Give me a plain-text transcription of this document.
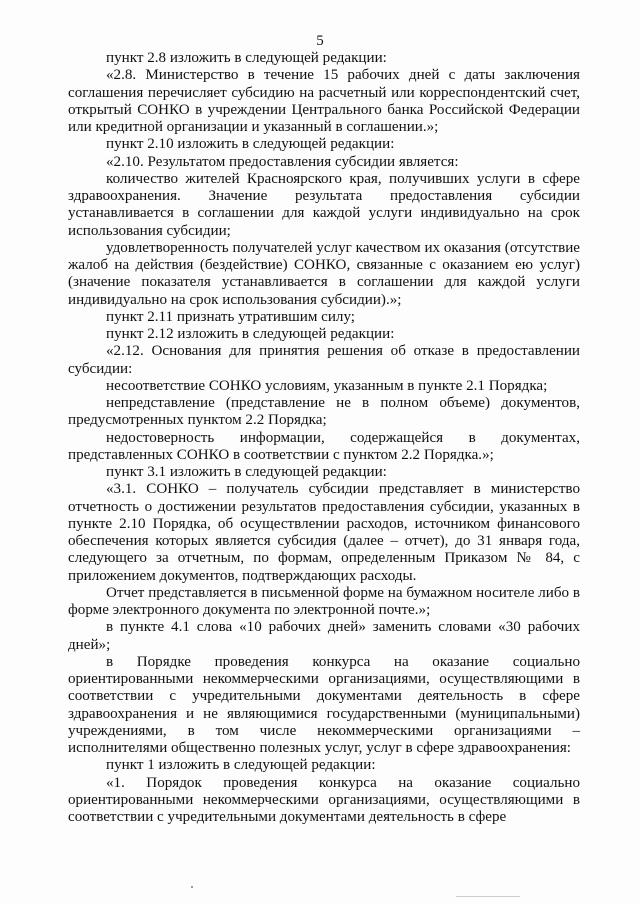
5

пункт 2.8 изложить в следующей редакции:

«2.8. Министерство в течение 15 рабочих дней с даты заключения соглашения перечисляет субсидию на расчетный или корреспондентский счет, открытый СОНКО в учреждении Центрального банка Российской Федерации или кредитной организации и указанный в соглашении.»;

пункт 2.10 изложить в следующей редакции:

«2.10. Результатом предоставления субсидии является:

количество жителей Красноярского края, получивших услуги в сфере здравоохранения. Значение результата предоставления субсидии устанавливается в соглашении для каждой услуги индивидуально на срок использования субсидии;

удовлетворенность получателей услуг качеством их оказания (отсутствие жалоб на действия (бездействие) СОНКО, связанные с оказанием ею услуг) (значение показателя устанавливается в соглашении для каждой услуги индивидуально на срок использования субсидии).»;

пункт 2.11 признать утратившим силу;

пункт 2.12 изложить в следующей редакции:

«2.12. Основания для принятия решения об отказе в предоставлении субсидии:

несоответствие СОНКО условиям, указанным в пункте 2.1 Порядка;

непредставление (представление не в полном объеме) документов, предусмотренных пунктом 2.2 Порядка;

недостоверность информации, содержащейся в документах, представленных СОНКО в соответствии с пунктом 2.2 Порядка.»;

пункт 3.1 изложить в следующей редакции:

«3.1. СОНКО – получатель субсидии представляет в министерство отчетность о достижении результатов предоставления субсидии, указанных в пункте 2.10 Порядка, об осуществлении расходов, источником финансового обеспечения которых является субсидия (далее – отчет), до 31 января года, следующего за отчетным, по формам, определенным Приказом № 84, с приложением документов, подтверждающих расходы.

Отчет представляется в письменной форме на бумажном носителе либо в форме электронного документа по электронной почте.»;

в пункте 4.1 слова «10 рабочих дней» заменить словами «30 рабочих дней»;

в Порядке проведения конкурса на оказание социально ориентированными некоммерческими организациями, осуществляющими в соответствии с учредительными документами деятельность в сфере здравоохранения и не являющимися государственными (муниципальными) учреждениями, в том числе некоммерческими организациями – исполнителями общественно полезных услуг, услуг в сфере здравоохранения:

пункт 1 изложить в следующей редакции:

«1. Порядок проведения конкурса на оказание социально ориентированными некоммерческими организациями, осуществляющими в соответствии с учредительными документами деятельность в сфере
